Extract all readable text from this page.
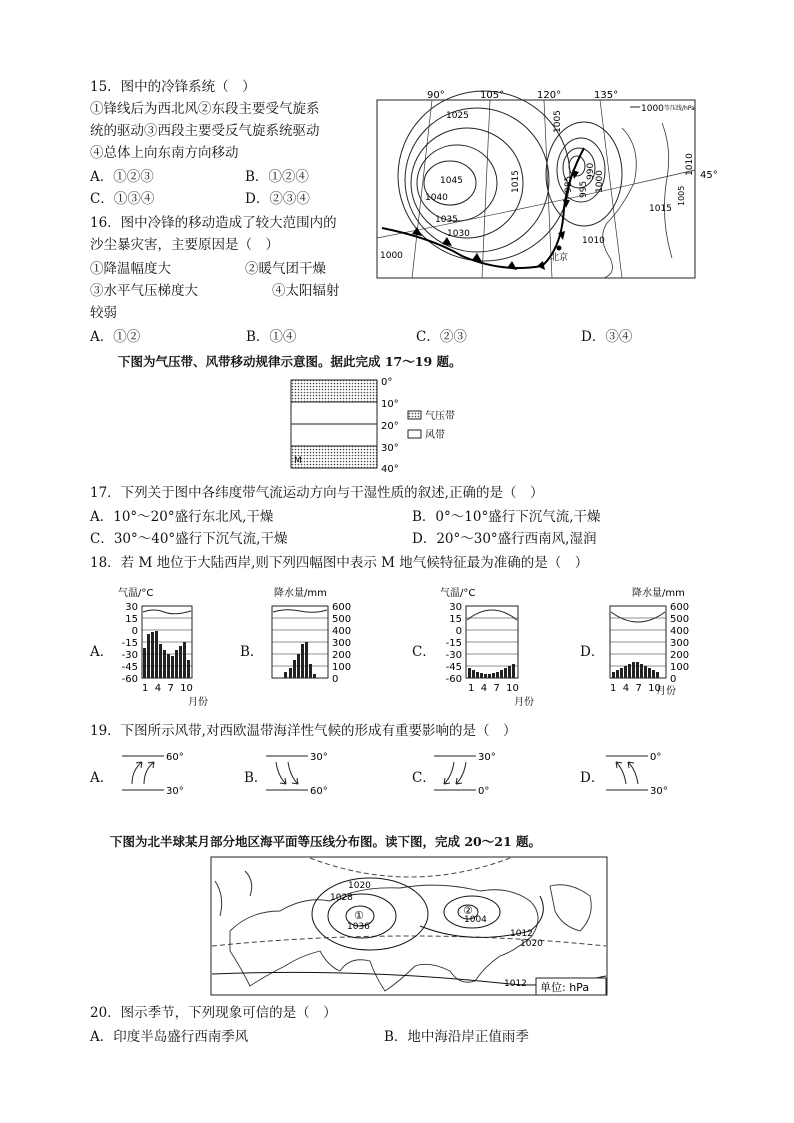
15．图中的冷锋系统（　）
①锋线后为西北风②东段主要受气旋系
统的驱动③西段主要受反气旋系统驱动
④总体上向东南方向移动
A．①②③	B．①②④
C．①③④	D．②③④
16．图中冷锋的移动造成了较大范围内的
沙尘暴灾害，主要原因是（　）
①降温幅度大	②暖气团干燥
③水平气压梯度大	④太阳辐射
较弱
A．①②	B．①④	C．②③	D．③④
90°	105°	120°	135°
45°
1000 等压线/hPa
1025
1045
1040
1035
1030
1015
1005
985 995
990 1000
1010
1015
1010
1005
1000	北京
下图为气压带、风带移动规律示意图。据此完成 17～19 题。
M
0°
10°
20°
30°
40°
气压带
风带
17．下列关于图中各纬度带气流运动方向与干湿性质的叙述,正确的是（　）
A．10°～20°盛行东北风,干燥	B．0°～10°盛行下沉气流,干燥
C．30°～40°盛行下沉气流,干燥	D．20°～30°盛行西南风,湿润
18．若 M 地位于大陆西岸,则下列四幅图中表示 M 地气候特征最为准确的是（　）
A．	B．	C．	D．
气温/°C
30
15
0
-15
-30
-45
-60
1  4  7  10
月份
降水量/mm
600
500
400
300
200
100
0
气温/°C
30
15
0
-15
-30
-45
-60
1  4  7  10
月份
降水量/mm
600
500
400
300
200
100
0
1  4  7  10
月份
19．下图所示风带,对西欧温带海洋性气候的形成有重要影响的是（　）
A．	B．	C．	D．
60°
30°
30°
60°
30°
0°
0°
30°
下图为北半球某月部分地区海平面等压线分布图。读下图，完成 20～21 题。
1020
1028
1036
1004
1012
1020
1012
①	②
单位: hPa
20．图示季节，下列现象可信的是（　）
A．印度半岛盛行西南季风	B．地中海沿岸正值雨季
